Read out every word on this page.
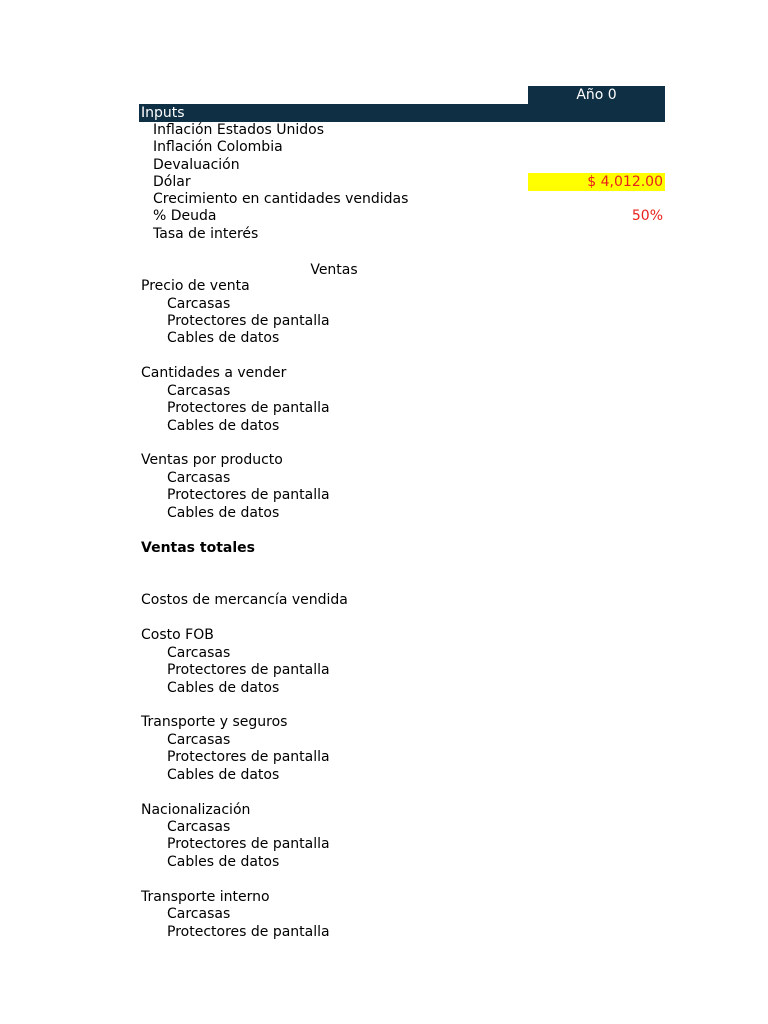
Año 0
Inputs
Inflación Estados Unidos
Inflación Colombia
Devaluación
Dólar	$ 4,012.00
Crecimiento en cantidades vendidas
% Deuda	50%
Tasa de interés
Ventas
Precio de venta
Carcasas
Protectores de pantalla
Cables de datos
Cantidades a vender
Carcasas
Protectores de pantalla
Cables de datos
Ventas por producto
Carcasas
Protectores de pantalla
Cables de datos
Ventas totales
Costos de mercancía vendida
Costo FOB
Carcasas
Protectores de pantalla
Cables de datos
Transporte y seguros
Carcasas
Protectores de pantalla
Cables de datos
Nacionalización
Carcasas
Protectores de pantalla
Cables de datos
Transporte interno
Carcasas
Protectores de pantalla
